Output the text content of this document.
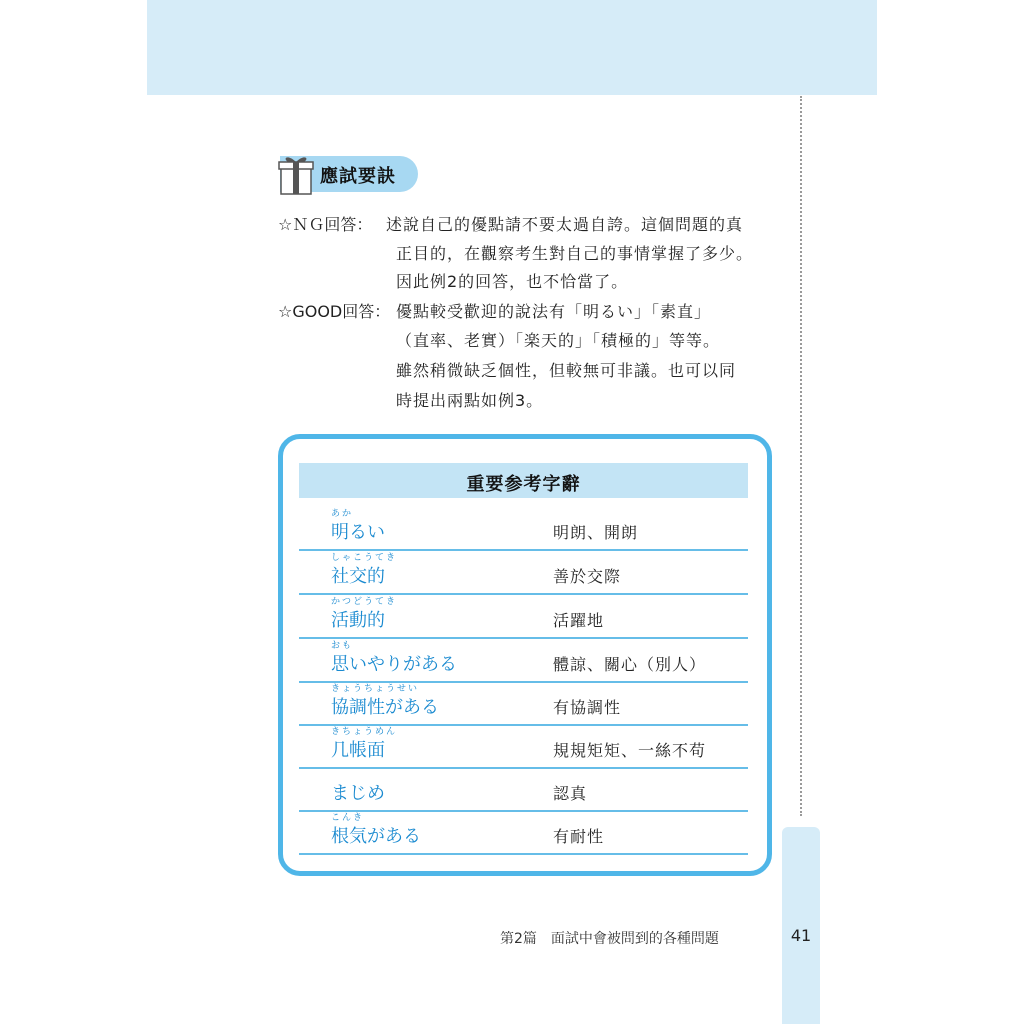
41
第2篇　面試中會被問到的各種問題
應試要訣
☆ＮＧ回答： 述說自己的優點請不要太過自誇。這個問題的真
正目的，在觀察考生對自己的事情掌握了多少。
因此例2的回答，也不恰當了。
☆GOOD回答： 優點較受歡迎的說法有「明るい」「素直」
（直率、老實）「楽天的」「積極的」等等。
雖然稍微缺乏個性，但較無可非議。也可以同
時提出兩點如例3。
重要参考字辭
あか
明るい	明朗、開朗
しゃこうてき
社交的	善於交際
かつどうてき
活動的	活躍地
おも
思いやりがある	體諒、關心（別人）
きょうちょうせい
協調性がある	有協調性
きちょうめん
几帳面	規規矩矩、一絲不苟
まじめ	認真
こんき
根気がある	有耐性
